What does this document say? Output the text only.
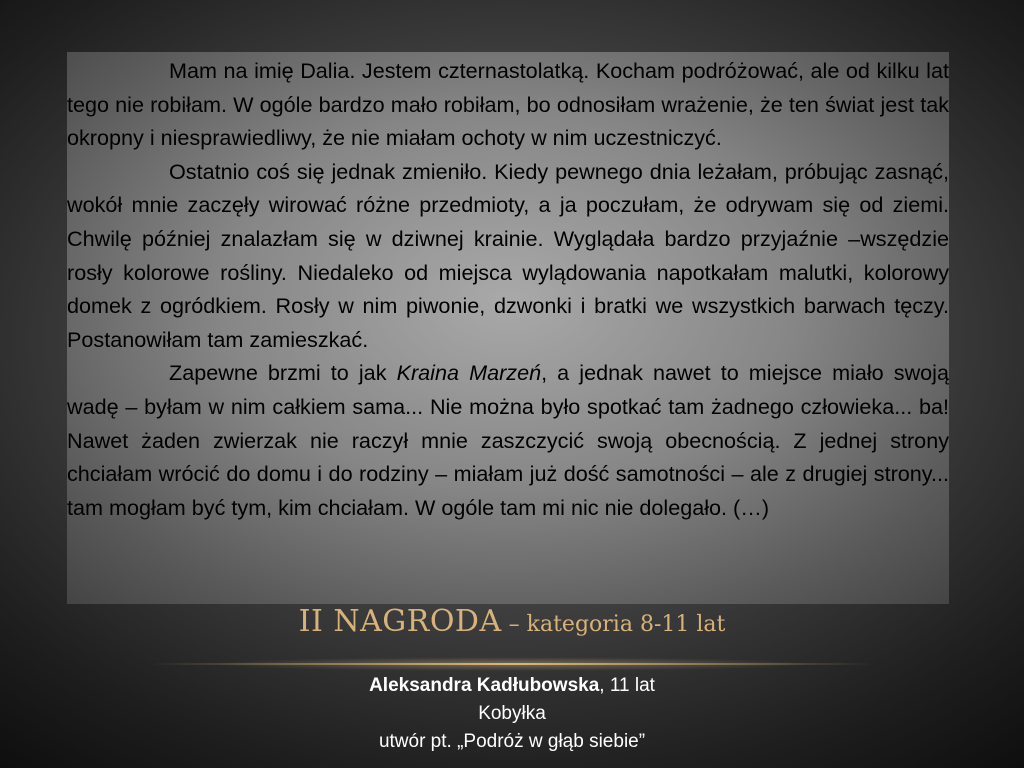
Mam na imię Dalia. Jestem czternastolatką. Kocham podróżować, ale od kilku lat tego nie robiłam. W ogóle bardzo mało robiłam, bo odnosiłam wrażenie, że ten świat jest tak okropny i niesprawiedliwy, że nie miałam ochoty w nim uczestniczyć.

Ostatnio coś się jednak zmieniło. Kiedy pewnego dnia leżałam, próbując zasnąć, wokół mnie zaczęły wirować różne przedmioty, a ja poczułam, że odrywam się od ziemi. Chwilę później znalazłam się w dziwnej krainie. Wyglądała bardzo przyjaźnie –wszędzie rosły kolorowe rośliny. Niedaleko od miejsca wylądowania napotkałam malutki, kolorowy domek z ogródkiem. Rosły w nim piwonie, dzwonki i bratki we wszystkich barwach tęczy. Postanowiłam tam zamieszkać.

Zapewne brzmi to jak Kraina Marzeń, a jednak nawet to miejsce miało swoją wadę – byłam w nim całkiem sama... Nie można było spotkać tam żadnego człowieka... ba! Nawet żaden zwierzak nie raczył mnie zaszczycić swoją obecnością. Z jednej strony chciałam wrócić do domu i do rodziny – miałam już dość samotności – ale z drugiej strony... tam mogłam być tym, kim chciałam. W ogóle tam mi nic nie dolegało. (…)

II NAGRODA – kategoria 8-11 lat
Aleksandra Kadłubowska, 11 lat
Kobyłka
utwór pt. „Podróż w głąb siebie”
